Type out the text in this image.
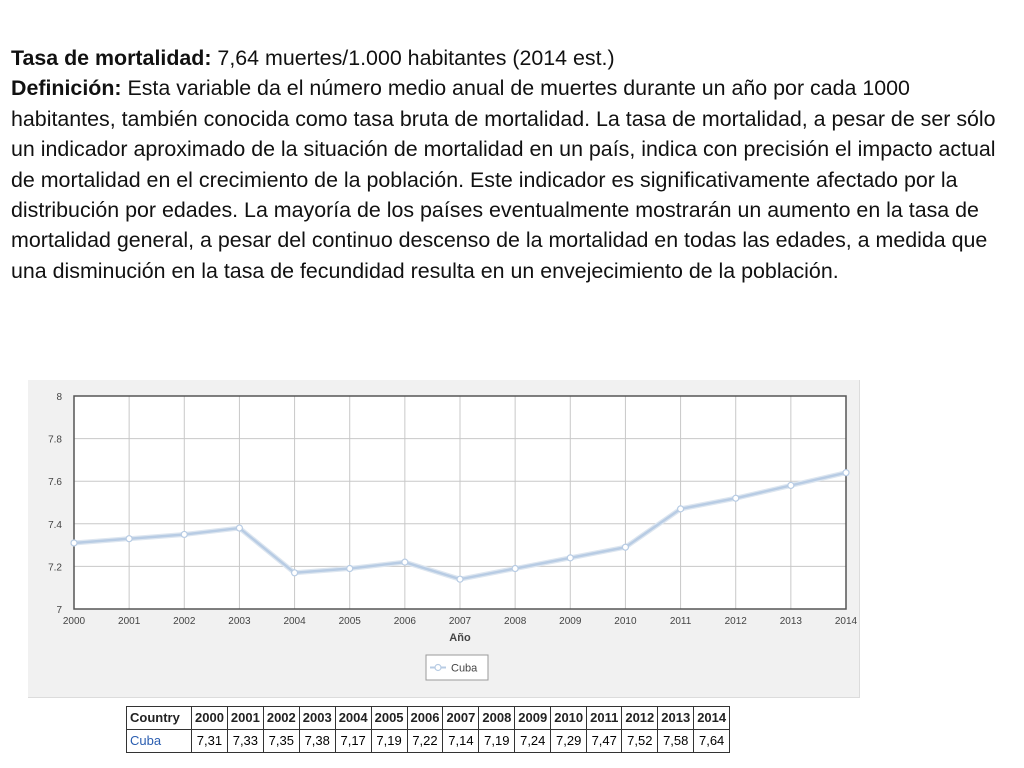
Tasa de mortalidad: 7,64 muertes/1.000 habitantes (2014 est.)

Definición: Esta variable da el número medio anual de muertes durante un año por cada 1000 habitantes, también conocida como tasa bruta de mortalidad. La tasa de mortalidad, a pesar de ser sólo un indicador aproximado de la situación de mortalidad en un país, indica con precisión el impacto actual de mortalidad en el crecimiento de la población. Este indicador es significativamente afectado por la distribución por edades. La mayoría de los países eventualmente mostrarán un aumento en la tasa de mortalidad general, a pesar del continuo descenso de la mortalidad en todas las edades, a medida que una disminución en la tasa de fecundidad resulta en un envejecimiento de la población.

7
7.2
7.4
7.6
7.8
8
2000	2001	2002	2003	2004	2005	2006	2007	2008	2009	2010	2011	2012	2013	2014
Año
Cuba
Country	2000	2001	2002	2003	2004	2005	2006	2007	2008	2009	2010	2011	2012	2013	2014
Cuba	7,31	7,33	7,35	7,38	7,17	7,19	7,22	7,14	7,19	7,24	7,29	7,47	7,52	7,58	7,64
